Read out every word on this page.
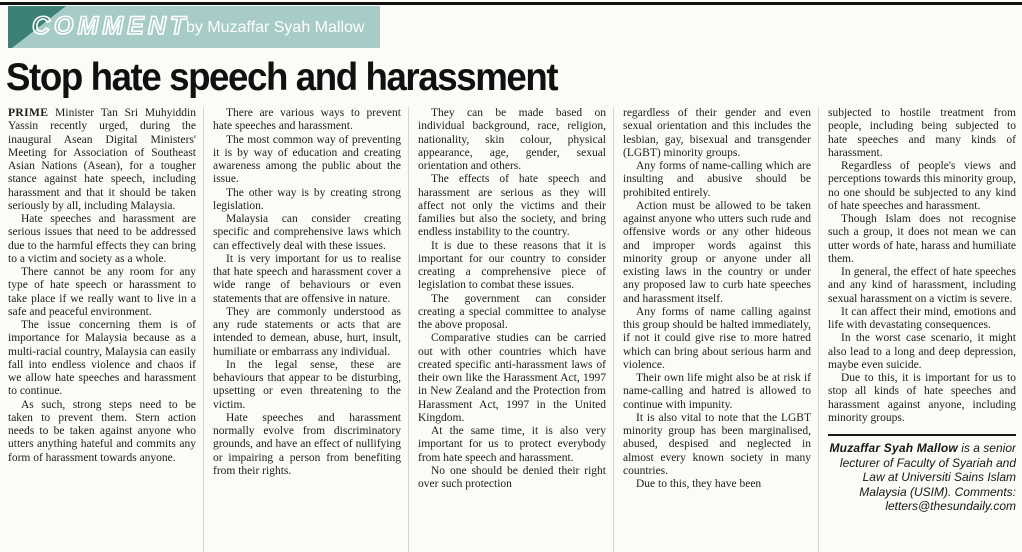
COMMENT
by Muzaffar Syah Mallow
Stop hate speech and harassment

PRIME Minister Tan Sri Muhyiddin Yassin recently urged, during the inaugural Asean Digital Ministers' Meeting for Association of Southeast Asian Nations (Asean), for a tougher stance against hate speech, including harassment and that it should be taken seriously by all, including Malaysia.

Hate speeches and harassment are serious issues that need to be addressed due to the harmful effects they can bring to a victim and society as a whole.

There cannot be any room for any type of hate speech or harassment to take place if we really want to live in a safe and peaceful environment.

The issue concerning them is of importance for Malaysia because as a multi-racial country, Malaysia can easily fall into endless violence and chaos if we allow hate speeches and harassment to continue.

As such, strong steps need to be taken to prevent them. Stern action needs to be taken against anyone who utters anything hateful and commits any form of harassment towards anyone.

There are various ways to prevent hate speeches and harassment.

The most common way of preventing it is by way of education and creating awareness among the public about the issue.

The other way is by creating strong legislation.

Malaysia can consider creating specific and comprehensive laws which can effectively deal with these issues.

It is very important for us to realise that hate speech and harassment cover a wide range of behaviours or even statements that are offensive in nature.

They are commonly understood as any rude statements or acts that are intended to demean, abuse, hurt, insult, humiliate or embarrass any individual.

In the legal sense, these are behaviours that appear to be disturbing, upsetting or even threatening to the victim.

Hate speeches and harassment normally evolve from discriminatory grounds, and have an effect of nullifying or impairing a person from benefiting from their rights.

They can be made based on individual background, race, religion, nationality, skin colour, physical appearance, age, gender, sexual orientation and others.

The effects of hate speech and harassment are serious as they will affect not only the victims and their families but also the society, and bring endless instability to the country.

It is due to these reasons that it is important for our country to consider creating a comprehensive piece of legislation to combat these issues.

The government can consider creating a special committee to analyse the above proposal.

Comparative studies can be carried out with other countries which have created specific anti-harassment laws of their own like the Harassment Act, 1997 in New Zealand and the Protection from Harassment Act, 1997 in the United Kingdom.

At the same time, it is also very important for us to protect everybody from hate speech and harassment.

No one should be denied their right over such protection

regardless of their gender and even sexual orientation and this includes the lesbian, gay, bisexual and transgender (LGBT) minority groups.

Any forms of name-calling which are insulting and abusive should be prohibited entirely.

Action must be allowed to be taken against anyone who utters such rude and offensive words or any other hideous and improper words against this minority group or anyone under all existing laws in the country or under any proposed law to curb hate speeches and harassment itself.

Any forms of name calling against this group should be halted immediately, if not it could give rise to more hatred which can bring about serious harm and violence.

Their own life might also be at risk if name-calling and hatred is allowed to continue with impunity.

It is also vital to note that the LGBT minority group has been marginalised, abused, despised and neglected in almost every known society in many countries.

Due to this, they have been

subjected to hostile treatment from people, including being subjected to hate speeches and many kinds of harassment.

Regardless of people's views and perceptions towards this minority group, no one should be subjected to any kind of hate speeches and harassment.

Though Islam does not recognise such a group, it does not mean we can utter words of hate, harass and humiliate them.

In general, the effect of hate speeches and any kind of harassment, including sexual harassment on a victim is severe.

It can affect their mind, emotions and life with devastating consequences.

In the worst case scenario, it might also lead to a long and deep depression, maybe even suicide.

Due to this, it is important for us to stop all kinds of hate speeches and harassment against anyone, including minority groups.

Muzaffar Syah Mallow is a senior lecturer of Faculty of Syariah and Law at Universiti Sains Islam Malaysia (USIM). Comments: letters@thesundaily.com
